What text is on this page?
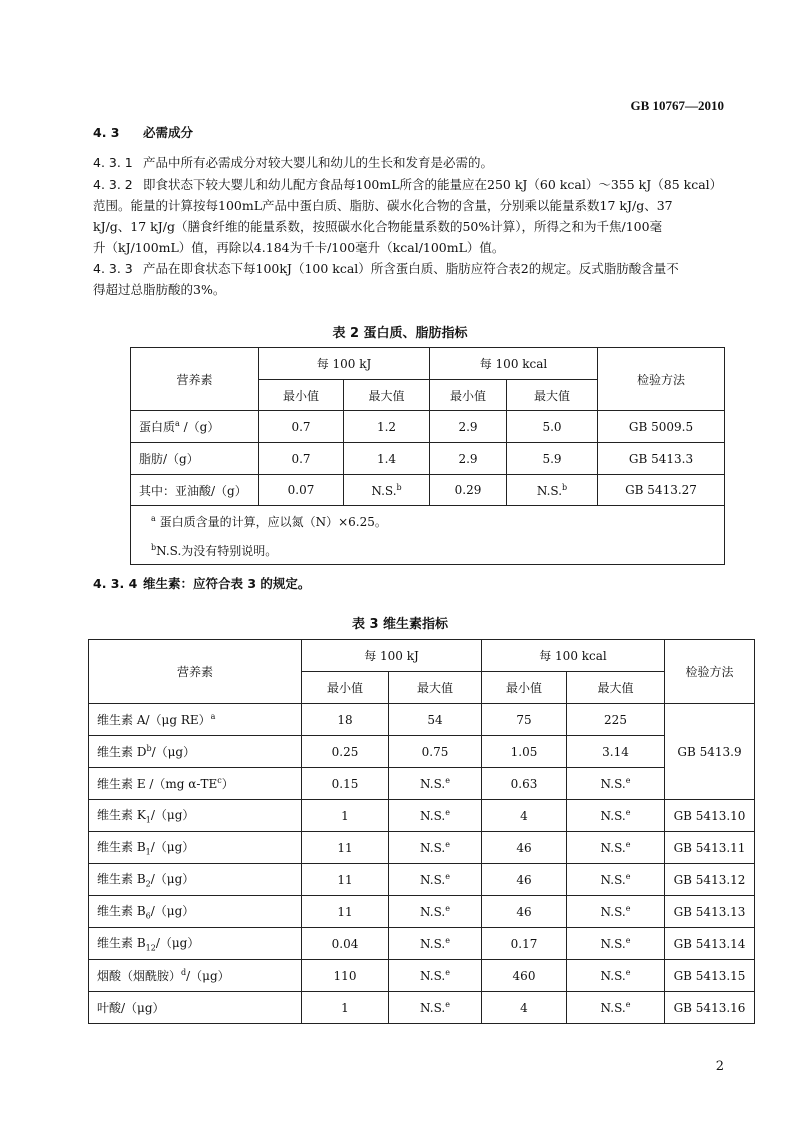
GB 10767—2010
4. 3 必需成分
4. 3. 1 产品中所有必需成分对较大婴儿和幼儿的生长和发育是必需的。
4. 3. 2 即食状态下较大婴儿和幼儿配方食品每100mL所含的能量应在250 kJ（60 kcal）～355 kJ（85 kcal）
范围。能量的计算按每100mL产品中蛋白质、脂肪、碳水化合物的含量，分别乘以能量系数17 kJ/g、37
kJ/g、17 kJ/g（膳食纤维的能量系数，按照碳水化合物能量系数的50%计算），所得之和为千焦/100毫
升（kJ/100mL）值，再除以4.184为千卡/100毫升（kcal/100mL）值。
4. 3. 3 产品在即食状态下每100kJ（100 kcal）所含蛋白质、脂肪应符合表2的规定。反式脂肪酸含量不
得超过总脂肪酸的3%。
表 2 蛋白质、脂肪指标
营养素	每 100 kJ		每 100 kcal		检验方法
	最小值	最大值	最小值	最大值	
蛋白质$^a$ /（g）	0.7	1.2	2.9	5.0	GB 5009.5
脂肪/（g）	0.7	1.4	2.9	5.9	GB 5413.3
其中：亚油酸/（g）	0.07	N.S.$^b$	0.29	N.S.$^b$	GB 5413.27

$^a$ 蛋白质含量的计算，应以氮（N）×6.25。
$^b$N.S.为没有特别说明。					
4. 3. 4 维生素：应符合表 3 的规定。
表 3 维生素指标
营养素	每 100 kJ		每 100 kcal		检验方法
	最小值	最大值	最小值	最大值	
维生素 A/（μg RE）$^a$	18	54	75	225	GB 5413.9
维生素 $D^b/(\mu g)$	0.25	0.75	1.05	3.14	
维生素 E /（mg $\alpha-TE^c$）	0.15	N.S.$^e$	0.63	N.S.$^e$
维生素 $K_1/(\mu g)$	1	N.S.$^e$	4	N.S.$^e$	GB 5413.10
维生素 $B_1/(\mu g)$	11	N.S.$^e$	46	N.S.$^e$	GB 5413.11
维生素 $B_2/(\mu g)$	11	N.S.$^e$	46	N.S.$^e$	GB 5413.12
维生素 $B_6/(\mu g)$	11	N.S.$^e$	46	N.S.$^e$	GB 5413.13
维生素 $B_{12}/(\mu g)$	0.04	N.S.$^e$	0.17	N.S.$^e$	GB 5413.14
烟酸（烟酰胺）$^d$/（μg）	110	N.S.$^e$	460	N.S.$^e$	GB 5413.15
叶酸/（μg）	1	N.S.$^e$	4	N.S.$^e$	GB 5413.16
2
